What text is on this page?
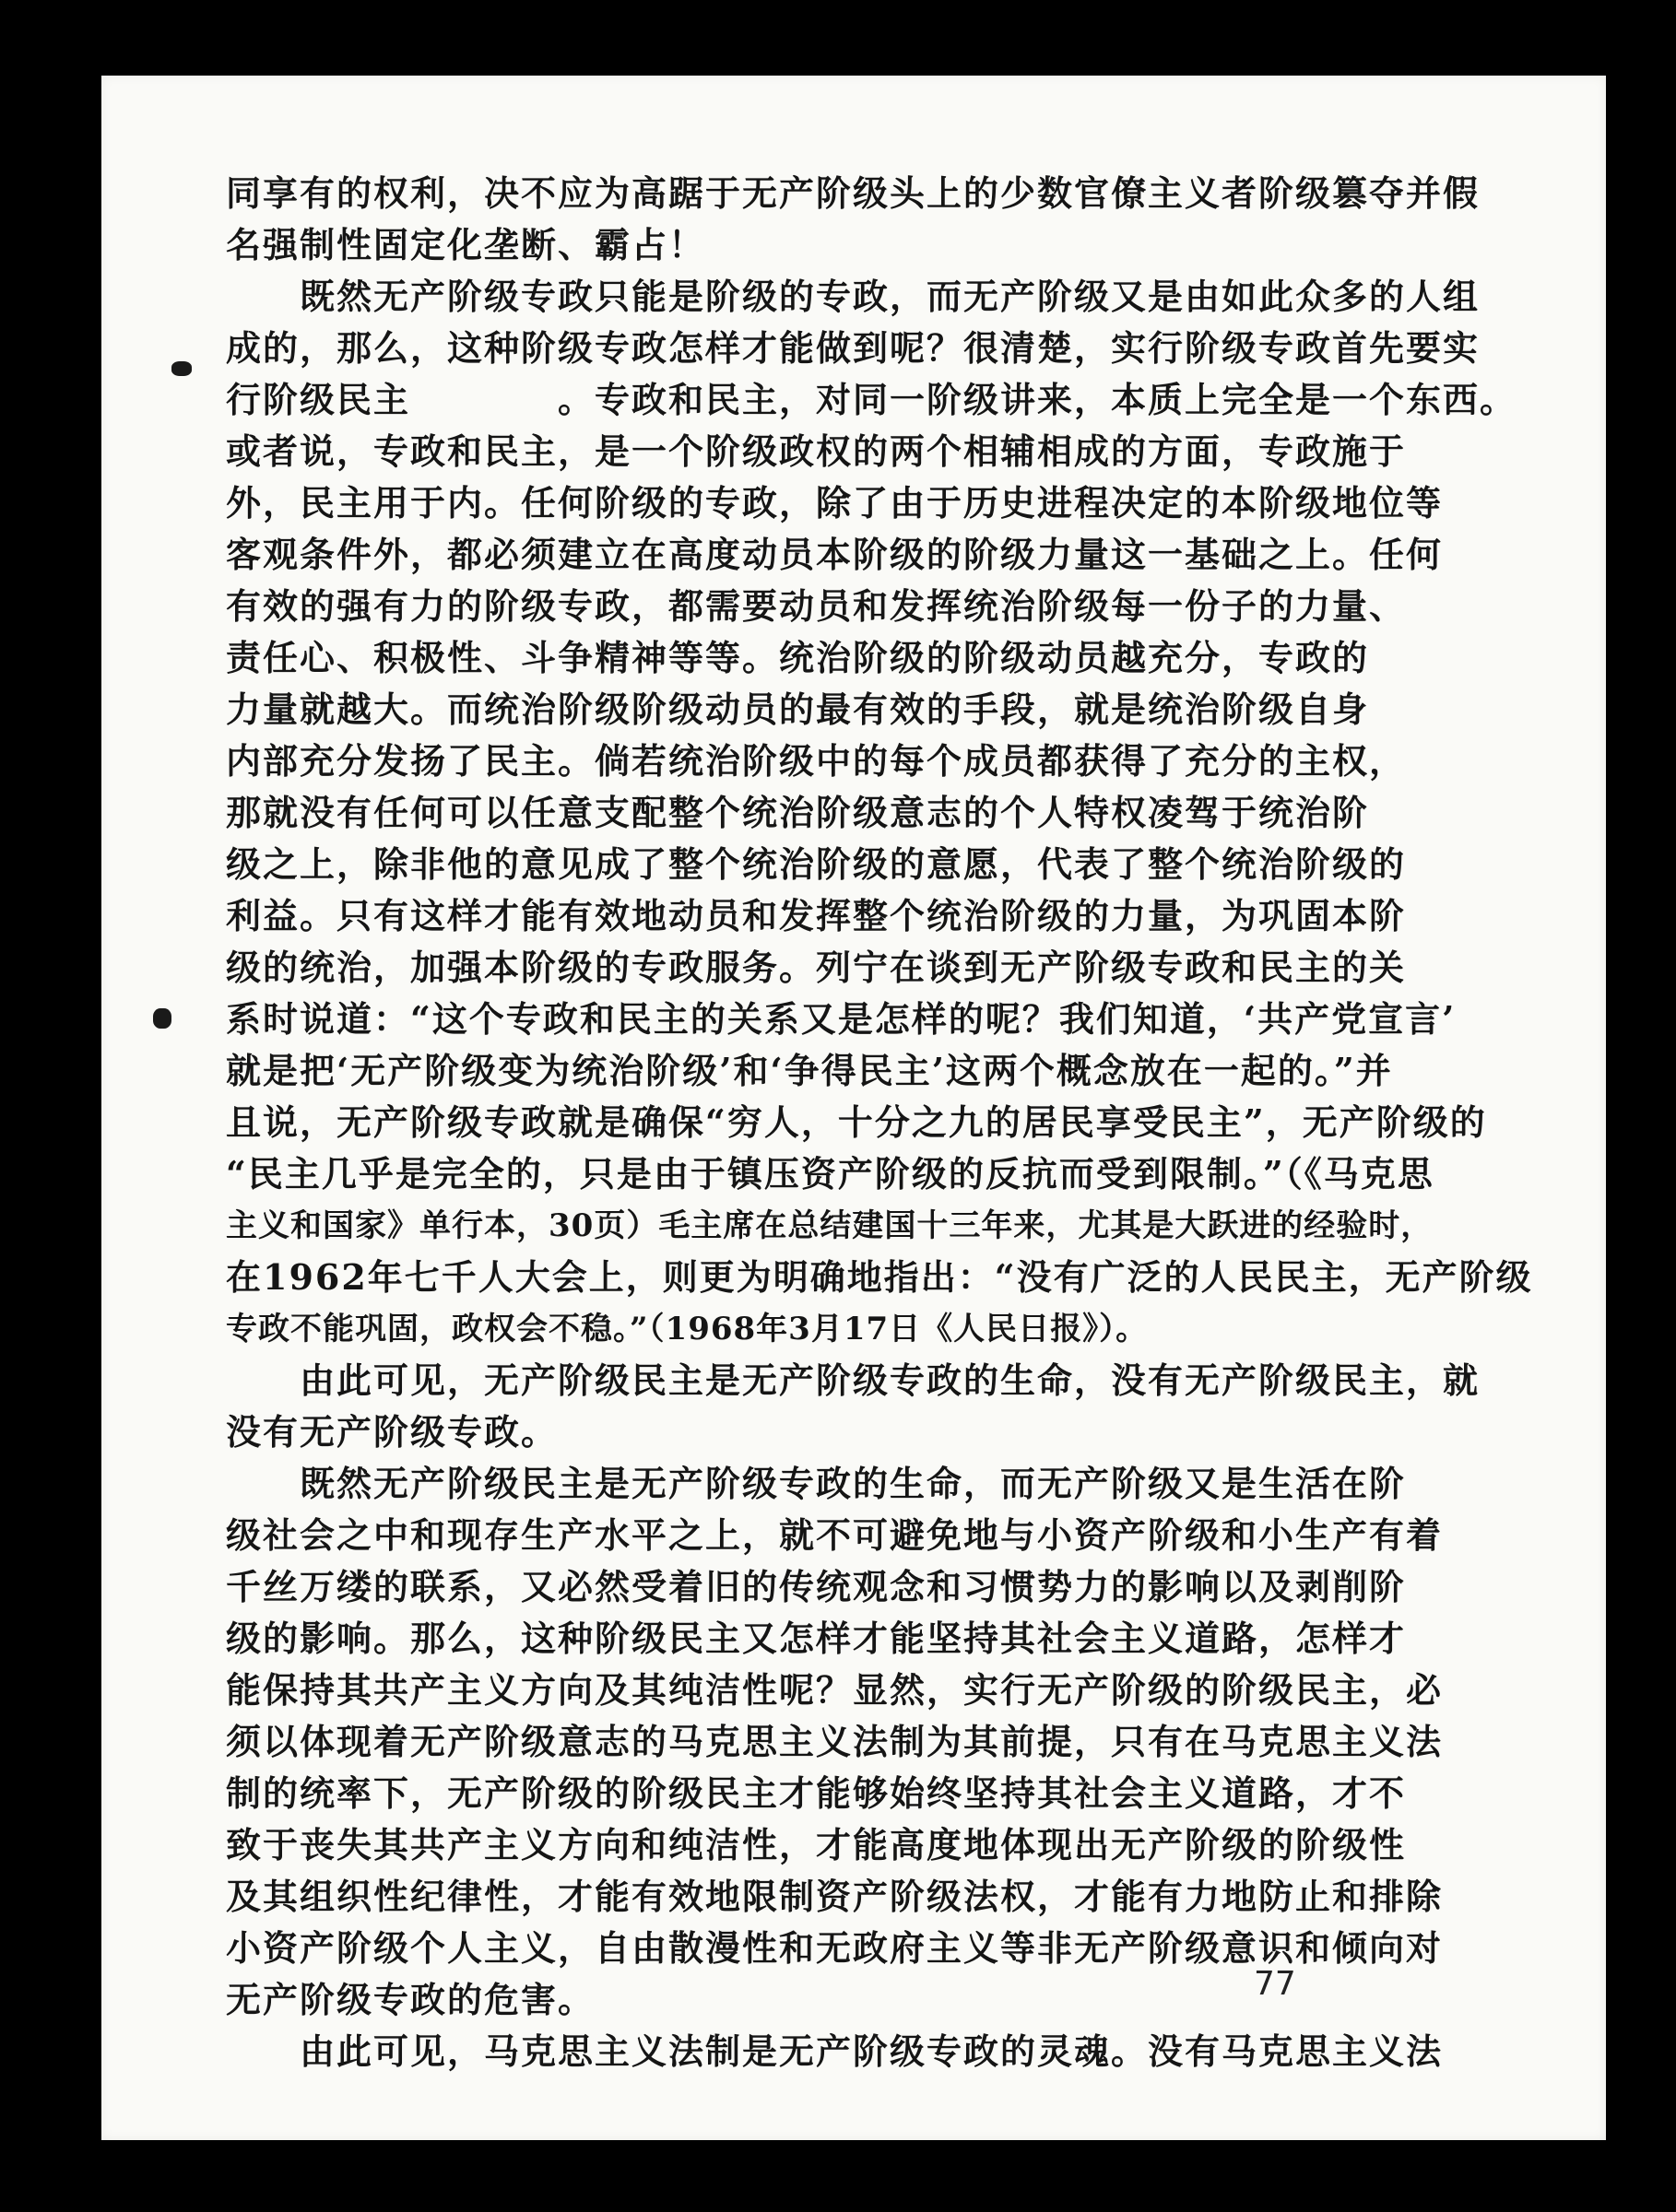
同享有的权利，决不应为高踞于无产阶级头上的少数官僚主义者阶级篡夺并假
名强制性固定化垄断、霸占！
　　既然无产阶级专政只能是阶级的专政，而无产阶级又是由如此众多的人组
成的，那么，这种阶级专政怎样才能做到呢？很清楚，实行阶级专政首先要实
行阶级民主　　　　。专政和民主，对同一阶级讲来，本质上完全是一个东西。
或者说，专政和民主，是一个阶级政权的两个相辅相成的方面，专政施于
外，民主用于内。任何阶级的专政，除了由于历史进程决定的本阶级地位等
客观条件外，都必须建立在高度动员本阶级的阶级力量这一基础之上。任何
有效的强有力的阶级专政，都需要动员和发挥统治阶级每一份子的力量、
责任心、积极性、斗争精神等等。统治阶级的阶级动员越充分，专政的
力量就越大。而统治阶级阶级动员的最有效的手段，就是统治阶级自身
内部充分发扬了民主。倘若统治阶级中的每个成员都获得了充分的主权，
那就没有任何可以任意支配整个统治阶级意志的个人特权凌驾于统治阶
级之上，除非他的意见成了整个统治阶级的意愿，代表了整个统治阶级的
利益。只有这样才能有效地动员和发挥整个统治阶级的力量，为巩固本阶
级的统治，加强本阶级的专政服务。列宁在谈到无产阶级专政和民主的关
系时说道：“这个专政和民主的关系又是怎样的呢？我们知道，‘共产党宣言’
就是把‘无产阶级变为统治阶级’和‘争得民主’这两个概念放在一起的。”并
且说，无产阶级专政就是确保“穷人，十分之九的居民享受民主”，无产阶级的
“民主几乎是完全的，只是由于镇压资产阶级的反抗而受到限制。”（《马克思
主义和国家》单行本，30页）毛主席在总结建国十三年来，尤其是大跃进的经验时，
在1962年七千人大会上，则更为明确地指出：“没有广泛的人民民主，无产阶级
专政不能巩固，政权会不稳。”（1968年3月17日《人民日报》）。
　　由此可见，无产阶级民主是无产阶级专政的生命，没有无产阶级民主，就
没有无产阶级专政。
　　既然无产阶级民主是无产阶级专政的生命，而无产阶级又是生活在阶
级社会之中和现存生产水平之上，就不可避免地与小资产阶级和小生产有着
千丝万缕的联系，又必然受着旧的传统观念和习惯势力的影响以及剥削阶
级的影响。那么，这种阶级民主又怎样才能坚持其社会主义道路，怎样才
能保持其共产主义方向及其纯洁性呢？显然，实行无产阶级的阶级民主，必
须以体现着无产阶级意志的马克思主义法制为其前提，只有在马克思主义法
制的统率下，无产阶级的阶级民主才能够始终坚持其社会主义道路，才不
致于丧失其共产主义方向和纯洁性，才能高度地体现出无产阶级的阶级性
及其组织性纪律性，才能有效地限制资产阶级法权，才能有力地防止和排除
小资产阶级个人主义，自由散漫性和无政府主义等非无产阶级意识和倾向对
无产阶级专政的危害。
　　由此可见，马克思主义法制是无产阶级专政的灵魂。没有马克思主义法
77
